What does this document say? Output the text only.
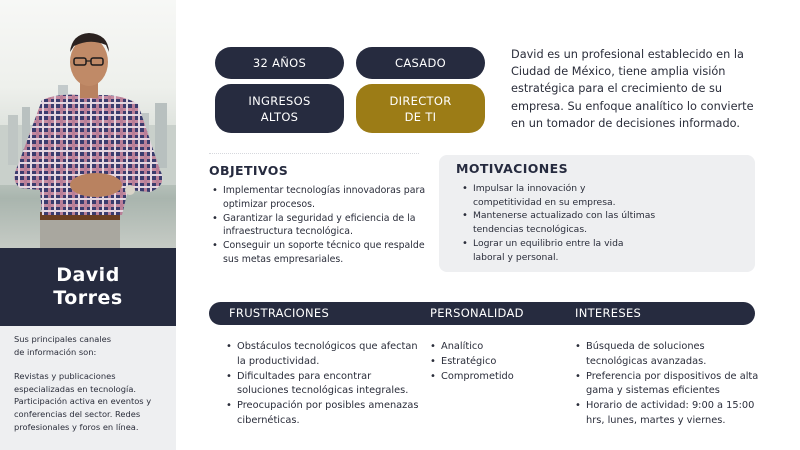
David
Torres

Sus principales canales

de información son:

Revistas y publicaciones

especializadas en tecnología.

Participación activa en eventos y

conferencias del sector. Redes

profesionales y foros en línea.

32 AÑOS	CASADO
INGRESOS
ALTOS
DIRECTOR
DE TI

David es un profesional establecido en la Ciudad de México, tiene amplia visión estratégica para el crecimiento de su empresa. Su enfoque analítico lo convierte en un tomador de decisiones informado.

OBJETIVOS
• Implementar tecnologías innovadoras para optimizar procesos.
• Garantizar la seguridad y eficiencia de la infraestructura tecnológica.
• Conseguir un soporte técnico que respalde sus metas empresariales.
MOTIVACIONES
• Impulsar la innovación y competitividad en su empresa.
• Mantenerse actualizado con las últimas tendencias tecnológicas.
• Lograr un equilibrio entre la vida laboral y personal.
FRUSTRACIONES	PERSONALIDAD	INTERESES
• Obstáculos tecnológicos que afectan la productividad.
• Dificultades para encontrar soluciones tecnológicas integrales.
• Preocupación por posibles amenazas cibernéticas.
• Analítico
• Estratégico
• Comprometido
• Búsqueda de soluciones tecnológicas avanzadas.
• Preferencia por dispositivos de alta gama y sistemas eficientes
• Horario de actividad: 9:00 a 15:00 hrs, lunes, martes y viernes.
